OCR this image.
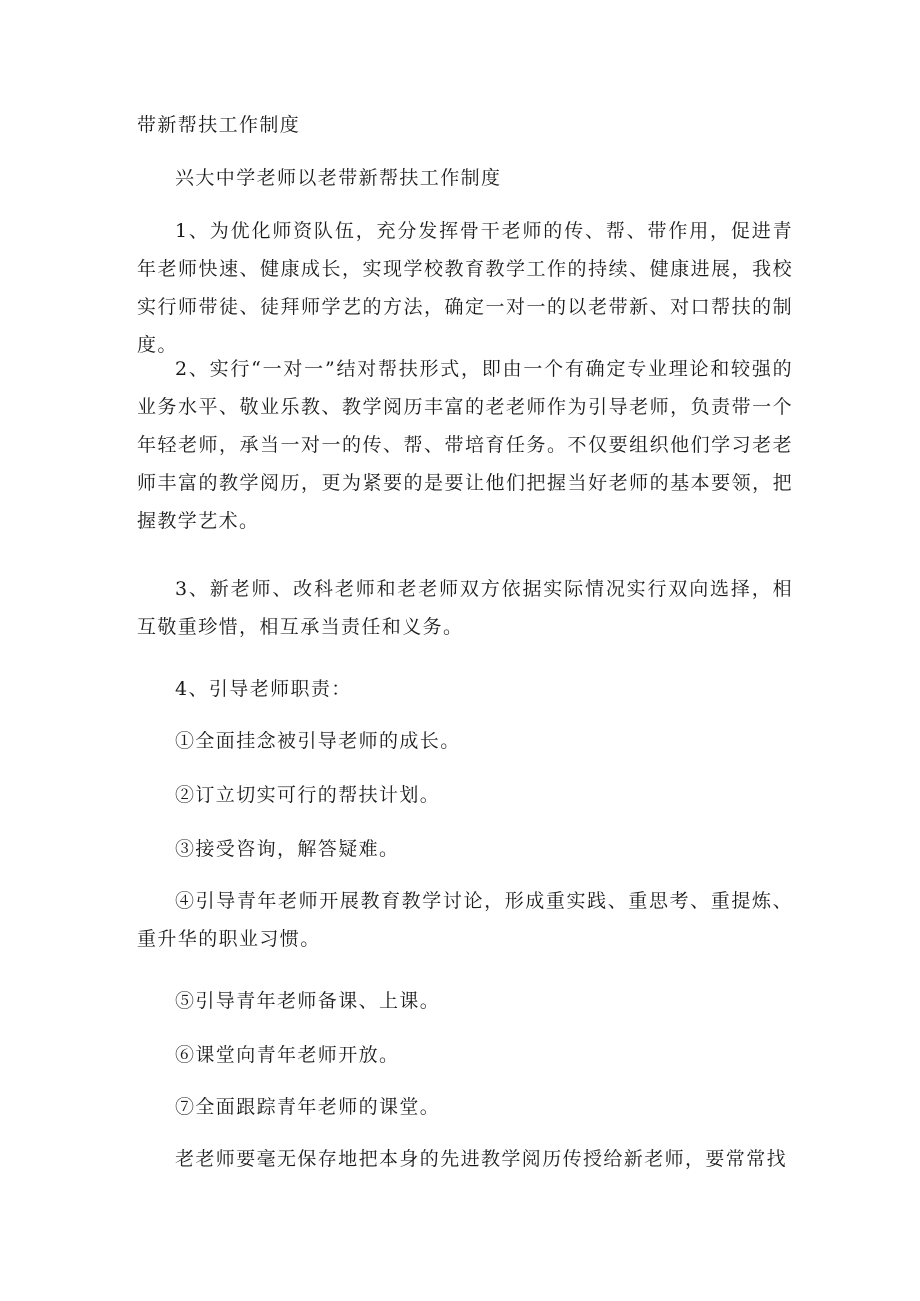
带新帮扶工作制度

兴大中学老师以老带新帮扶工作制度

1、为优化师资队伍，充分发挥骨干老师的传、帮、带作用，促进青年老师快速、健康成长，实现学校教育教学工作的持续、健康进展，我校实行师带徒、徒拜师学艺的方法，确定一对一的以老带新、对口帮扶的制度。

2、实行“一对一”结对帮扶形式，即由一个有确定专业理论和较强的业务水平、敬业乐教、教学阅历丰富的老老师作为引导老师，负责带一个年轻老师，承当一对一的传、帮、带培育任务。不仅要组织他们学习老老师丰富的教学阅历，更为紧要的是要让他们把握当好老师的基本要领，把握教学艺术。

3、新老师、改科老师和老老师双方依据实际情况实行双向选择，相互敬重珍惜，相互承当责任和义务。

4、引导老师职责：

①全面挂念被引导老师的成长。

②订立切实可行的帮扶计划。

③接受咨询，解答疑难。

④引导青年老师开展教育教学讨论，形成重实践、重思考、重提炼、重升华的职业习惯。

⑤引导青年老师备课、上课。

⑥课堂向青年老师开放。

⑦全面跟踪青年老师的课堂。

老老师要毫无保存地把本身的先进教学阅历传授给新老师，要常常找
